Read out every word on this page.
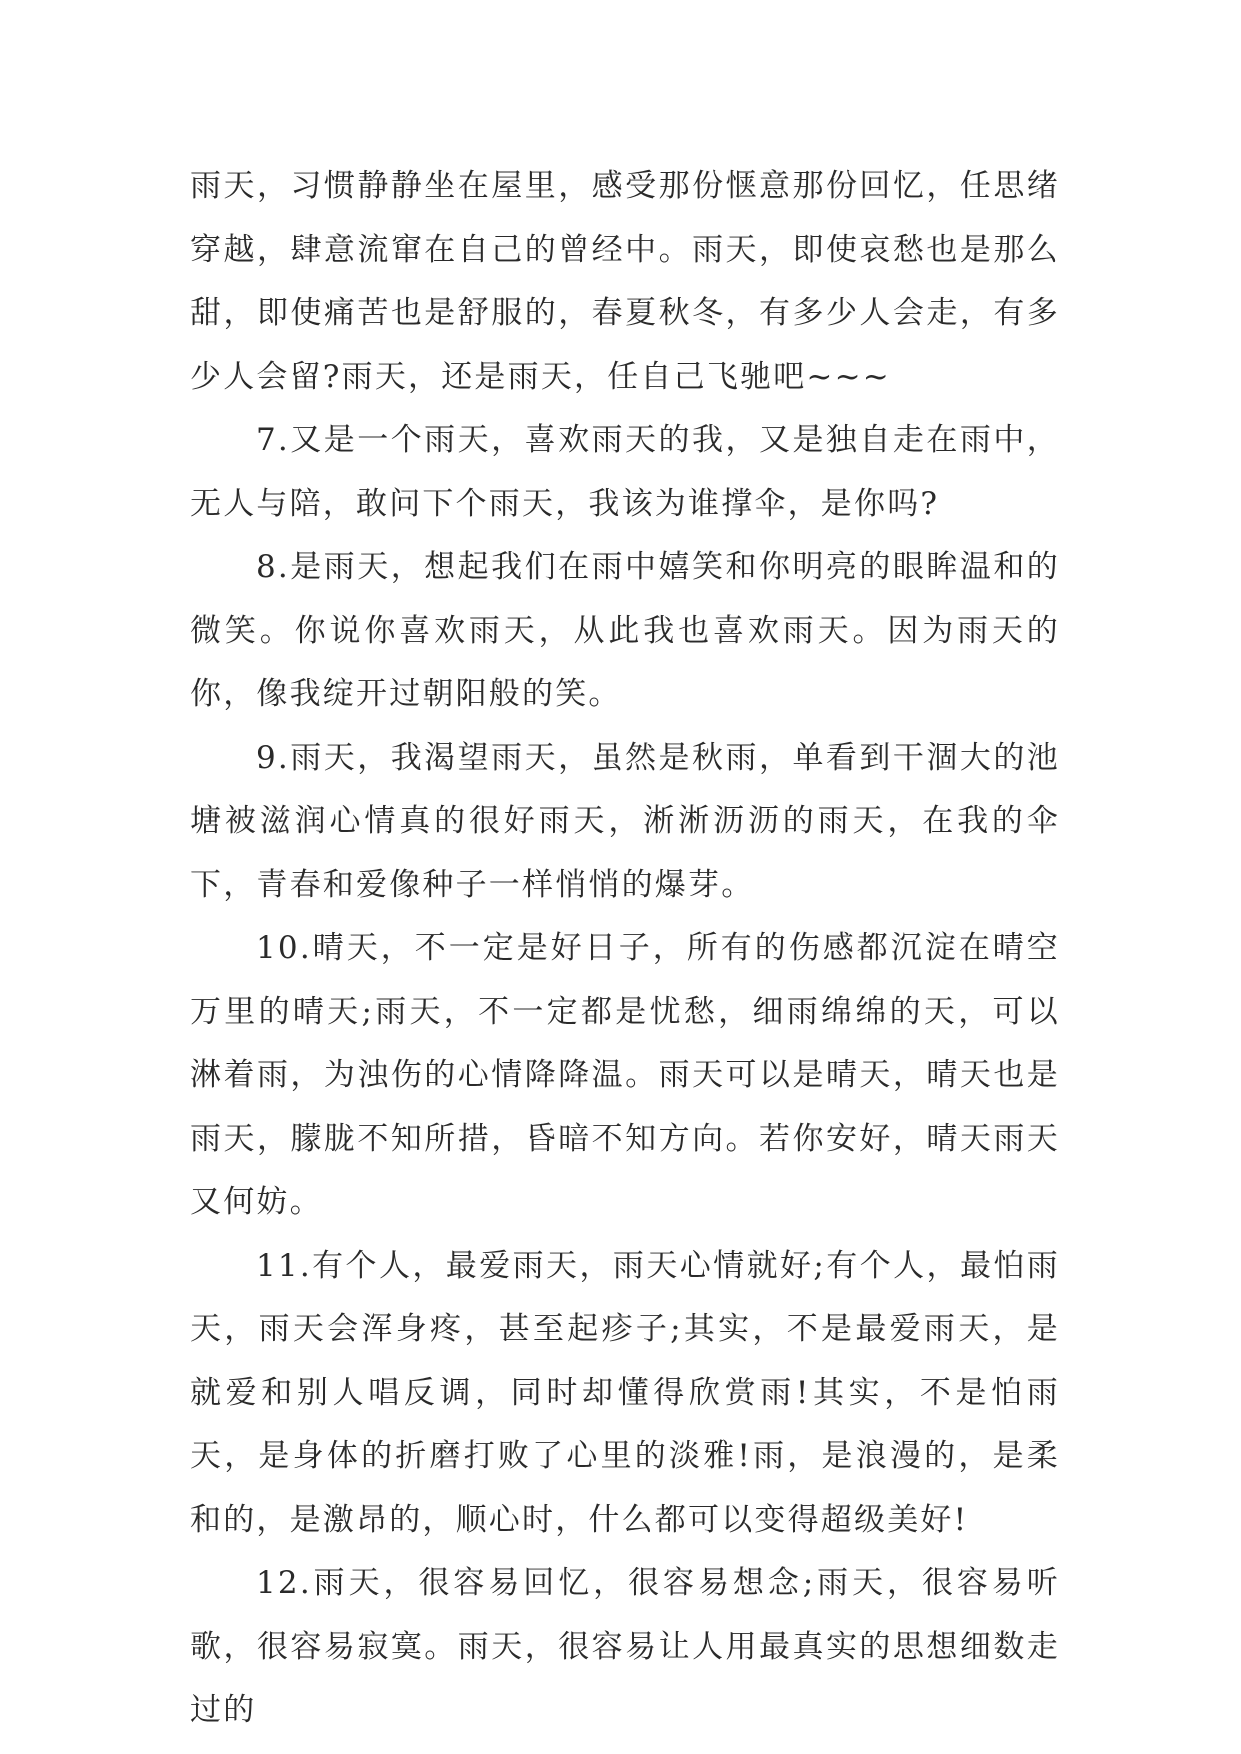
雨天，习惯静静坐在屋里，感受那份惬意那份回忆，任思绪穿越，肆意流窜在自己的曾经中。雨天，即使哀愁也是那么甜，即使痛苦也是舒服的，春夏秋冬，有多少人会走，有多少人会留?雨天，还是雨天，任自己飞驰吧~~~

7.又是一个雨天，喜欢雨天的我，又是独自走在雨中，无人与陪，敢问下个雨天，我该为谁撑伞，是你吗?

8.是雨天，想起我们在雨中嬉笑和你明亮的眼眸温和的微笑。你说你喜欢雨天，从此我也喜欢雨天。因为雨天的你，像我绽开过朝阳般的笑。

9.雨天，我渴望雨天，虽然是秋雨，单看到干涸大的池塘被滋润心情真的很好雨天，淅淅沥沥的雨天，在我的伞下，青春和爱像种子一样悄悄的爆芽。

10.晴天，不一定是好日子，所有的伤感都沉淀在晴空万里的晴天;雨天，不一定都是忧愁，细雨绵绵的天，可以淋着雨，为浊伤的心情降降温。雨天可以是晴天，晴天也是雨天，朦胧不知所措，昏暗不知方向。若你安好，晴天雨天又何妨。

11.有个人，最爱雨天，雨天心情就好;有个人，最怕雨天，雨天会浑身疼，甚至起疹子;其实，不是最爱雨天，是就爱和别人唱反调，同时却懂得欣赏雨!其实，不是怕雨天，是身体的折磨打败了心里的淡雅!雨，是浪漫的，是柔和的，是激昂的，顺心时，什么都可以变得超级美好!

12.雨天，很容易回忆，很容易想念;雨天，很容易听歌，很容易寂寞。雨天，很容易让人用最真实的思想细数走过的
